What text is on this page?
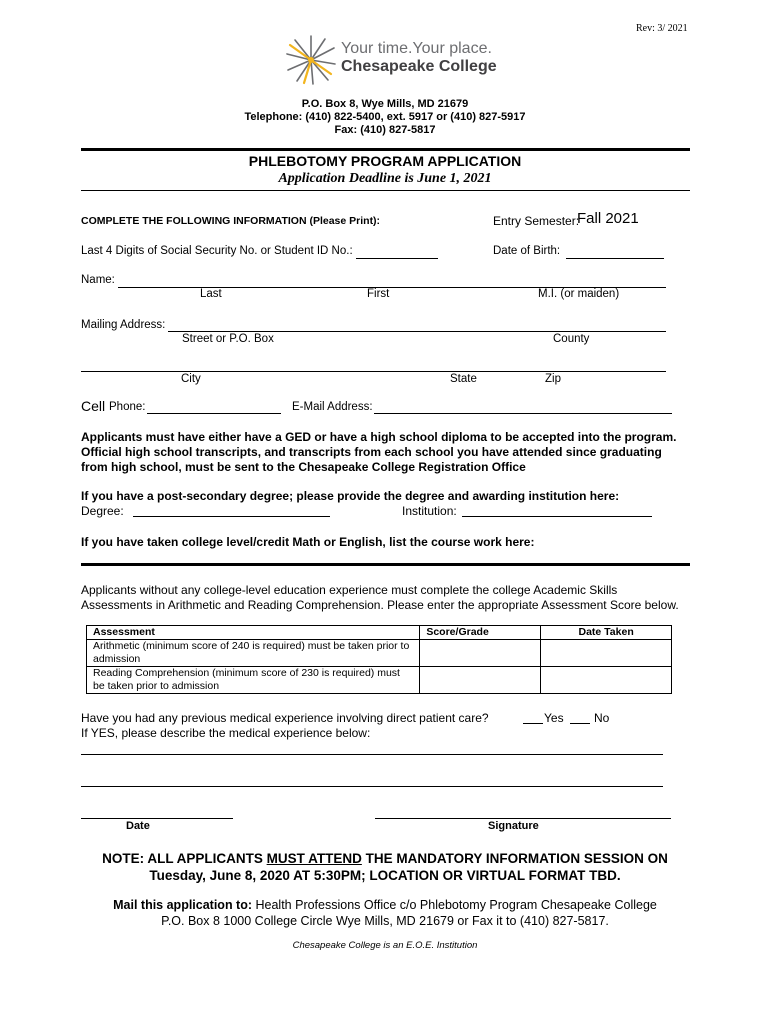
Rev: 3/ 2021
Your time.Your place.
Chesapeake College
P.O. Box 8, Wye Mills, MD 21679
Telephone: (410) 822-5400, ext. 5917 or (410) 827-5917
Fax: (410) 827-5817
PHLEBOTOMY PROGRAM APPLICATION
Application Deadline is June 1, 2021
COMPLETE THE FOLLOWING INFORMATION (Please Print):	Entry Semester:
Fall 2021
Last 4 Digits of Social Security No. or Student ID No.:	Date of Birth:
Name:
Last	First	M.I. (or maiden)
Mailing Address:
Street or P.O. Box	County
City	State	Zip
Cell Phone:	E-Mail Address:
Applicants must have either have a GED or have a high school diploma to be accepted into the program. Official high school transcripts, and transcripts from each school you have attended since graduating from high school, must be sent to the Chesapeake College Registration Office
If you have a post-secondary degree; please provide the degree and awarding institution here:
Degree:	Institution:
If you have taken college level/credit Math or English, list the course work here:
Applicants without any college-level education experience must complete the college Academic Skills Assessments in Arithmetic and Reading Comprehension. Please enter the appropriate Assessment Score below.
Assessment	Score/Grade	Date Taken
Arithmetic (minimum score of 240 is required) must be taken prior to admission		
Reading Comprehension (minimum score of 230 is required) must be taken prior to admission		
Have you had any previous medical experience involving direct patient care?	Yes	No
If YES, please describe the medical experience below:
Date	Signature
NOTE: ALL APPLICANTS MUST ATTEND THE MANDATORY INFORMATION SESSION ON
Tuesday, June 8, 2020 AT 5:30PM; LOCATION OR VIRTUAL FORMAT TBD.
Mail this application to: Health Professions Office c/o Phlebotomy Program Chesapeake College
P.O. Box 8 1000 College Circle Wye Mills, MD 21679 or Fax it to (410) 827-5817.
Chesapeake College is an E.O.E. Institution
